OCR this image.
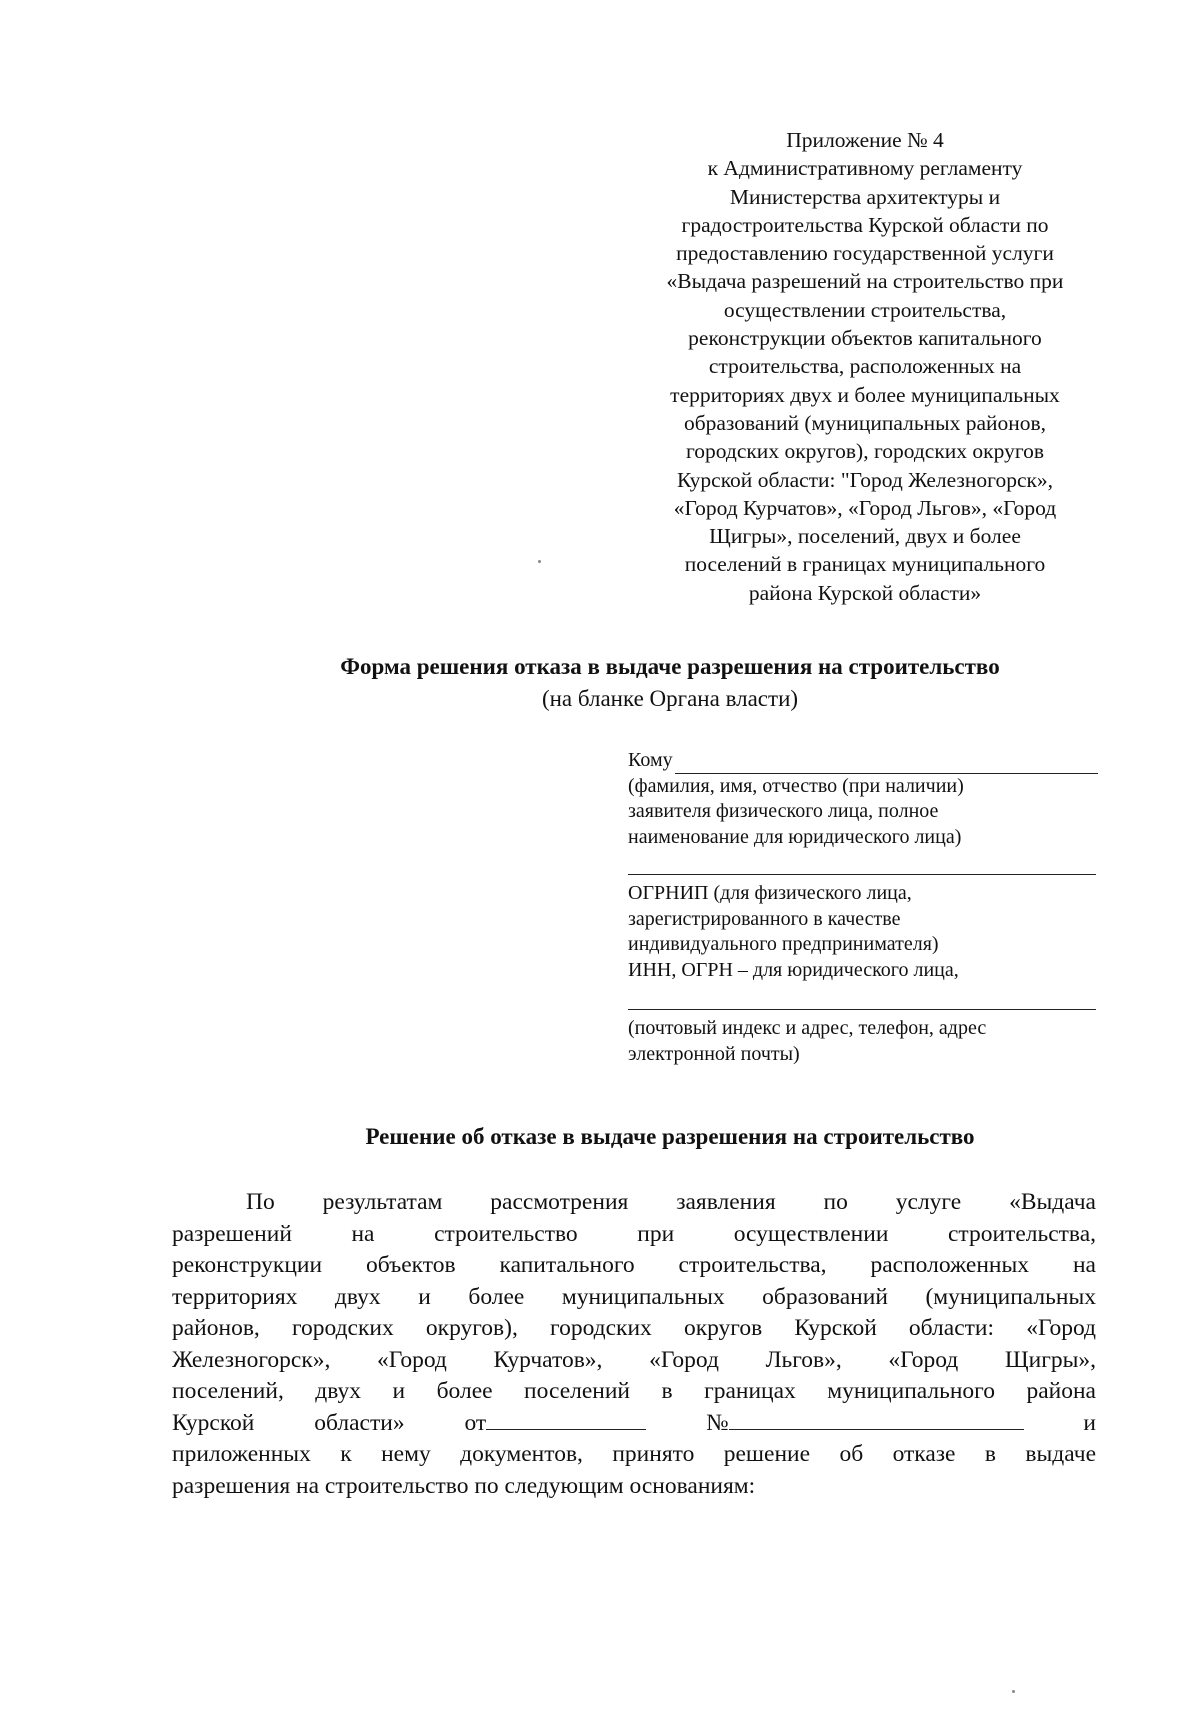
Приложение № 4
к Административному регламенту
Министерства архитектуры и
градостроительства Курской области по
предоставлению государственной услуги
«Выдача разрешений на строительство при
осуществлении строительства,
реконструкции объектов капитального
строительства, расположенных на
территориях двух и более муниципальных
образований (муниципальных районов,
городских округов), городских округов
Курской области: "Город Железногорск»,
«Город Курчатов», «Город Льгов», «Город
Щигры», поселений, двух и более
поселений в границах муниципального
района Курской области»
Форма решения отказа в выдаче разрешения на строительство
(на бланке Органа власти)
Кому
(фамилия, имя, отчество (при наличии)
заявителя физического лица, полное
наименование для юридического лица)
ОГРНИП (для физического лица,
зарегистрированного в качестве
индивидуального предпринимателя)
ИНН, ОГРН – для юридического лица,
(почтовый индекс и адрес, телефон, адрес
электронной почты)
Решение об отказе в выдаче разрешения на строительство
По результатам рассмотрения заявления по услуге «Выдача
разрешений на строительство при осуществлении строительства,
реконструкции объектов капитального строительства, расположенных на
территориях двух и более муниципальных образований (муниципальных
районов, городских округов), городских округов Курской области: «Город
Железногорск», «Город Курчатов», «Город Льгов», «Город Щигры»,
поселений, двух и более поселений в границах муниципального района
Курской	области»	от	№	и
приложенных к нему документов, принято решение об отказе в выдаче
разрешения на строительство по следующим основаниям:
